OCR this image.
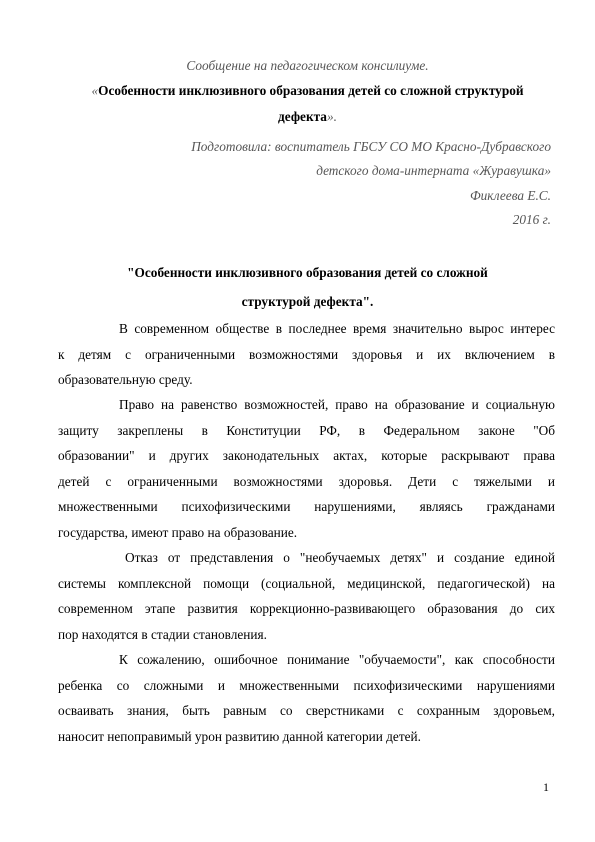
Сообщение на педагогическом консилиуме.
«Особенности инклюзивного образования детей со сложной структурой
дефекта».
Подготовила: воспитатель ГБСУ СО МО Красно-Дубравского
детского дома-интерната «Журавушка»
Фиклеева Е.С.
2016 г.
"Особенности инклюзивного образования детей со сложной
структурой дефекта".
В современном обществе в последнее время значительно вырос интерес
к детям с ограниченными возможностями здоровья и их включением в
образовательную среду.
Право на равенство возможностей, право на образование и социальную
защиту закреплены в Конституции РФ, в Федеральном законе "Об
образовании" и других законодательных актах, которые раскрывают права
детей с ограниченными возможностями здоровья. Дети с тяжелыми и
множественными психофизическими нарушениями, являясь гражданами
государства, имеют право на образование.
Отказ от представления о "необучаемых детях" и создание единой
системы комплексной помощи (социальной, медицинской, педагогической) на
современном этапе развития коррекционно-развивающего образования до сих
пор находятся в стадии становления.
К сожалению, ошибочное понимание "обучаемости", как способности
ребенка со сложными и множественными психофизическими нарушениями
осваивать знания, быть равным со сверстниками с сохранным здоровьем,
наносит непоправимый урон развитию данной категории детей.
1
